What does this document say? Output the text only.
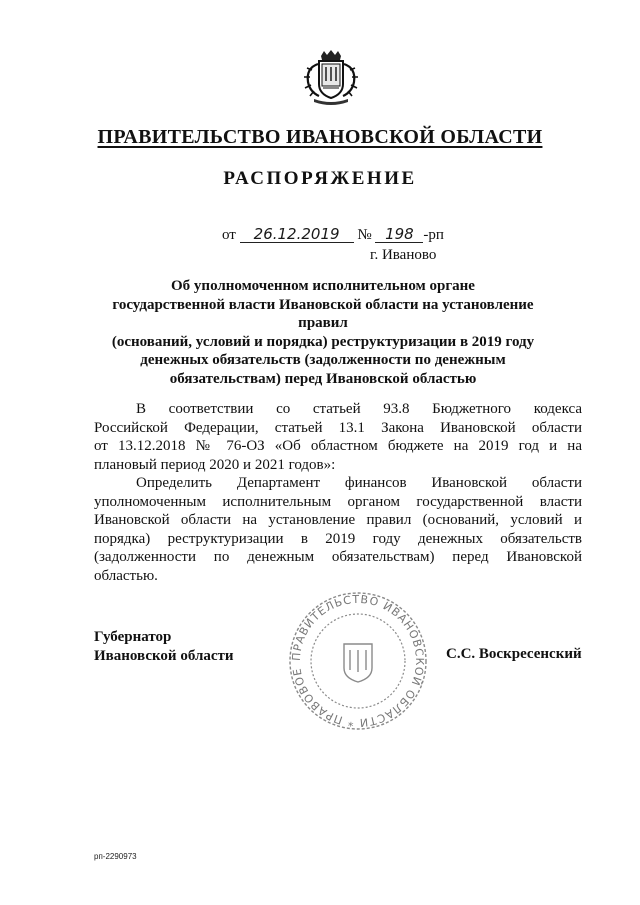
ПРАВИТЕЛЬСТВО ИВАНОВСКОЙ ОБЛАСТИ
РАСПОРЯЖЕНИЕ
от 26.12.2019 № 198 -рп
г. Иваново
Об уполномоченном исполнительном органе
государственной власти Ивановской области на установление правил
(оснований, условий и порядка) реструктуризации в 2019 году
денежных обязательств (задолженности по денежным
обязательствам) перед Ивановской областью
В соответствии со статьей 93.8 Бюджетного кодекса
Российской Федерации, статьей 13.1 Закона Ивановской области
от 13.12.2018 № 76-ОЗ «Об областном бюджете на 2019 год и на
плановый период 2020 и 2021 годов»:
Определить Департамент финансов Ивановской области
уполномоченным исполнительным органом государственной власти
Ивановской области на установление правил (оснований, условий и
порядка) реструктуризации в 2019 году денежных обязательств
(задолженности по денежным обязательствам) перед Ивановской
областью.
ПРАВИТЕЛЬСТВО ИВАНОВСКОЙ ОБЛАСТИ * ПРАВОВОЕ
Губернатор
Ивановской области	С.С. Воскресенский
рп-2290973
